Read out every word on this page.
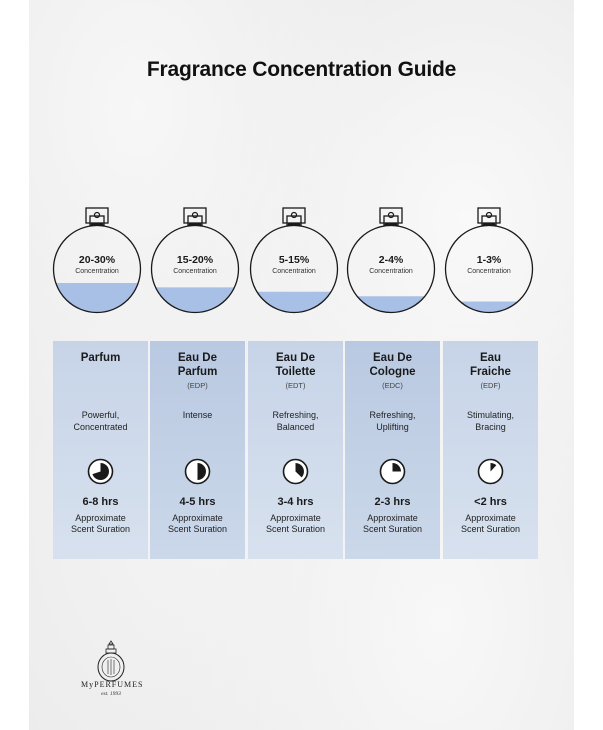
Fragrance Concentration Guide
20-30%
Concentration
15-20%
Concentration
5-15%
Concentration
2-4%
Concentration
1-3%
Concentration
Parfum
Powerful,
Concentrated
6-8 hrs
Approximate
Scent Suration
Eau De
Parfum
(EDP)
Intense
4-5 hrs
Approximate
Scent Suration
Eau De
Toilette
(EDT)
Refreshing,
Balanced
3-4 hrs
Approximate
Scent Suration
Eau De
Cologne
(EDC)
Refreshing,
Uplifting
2-3 hrs
Approximate
Scent Suration
Eau
Fraiche
(EDF)
Stimulating,
Bracing
<2 hrs
Approximate
Scent Suration
MyPERFUMES
est. 1993
